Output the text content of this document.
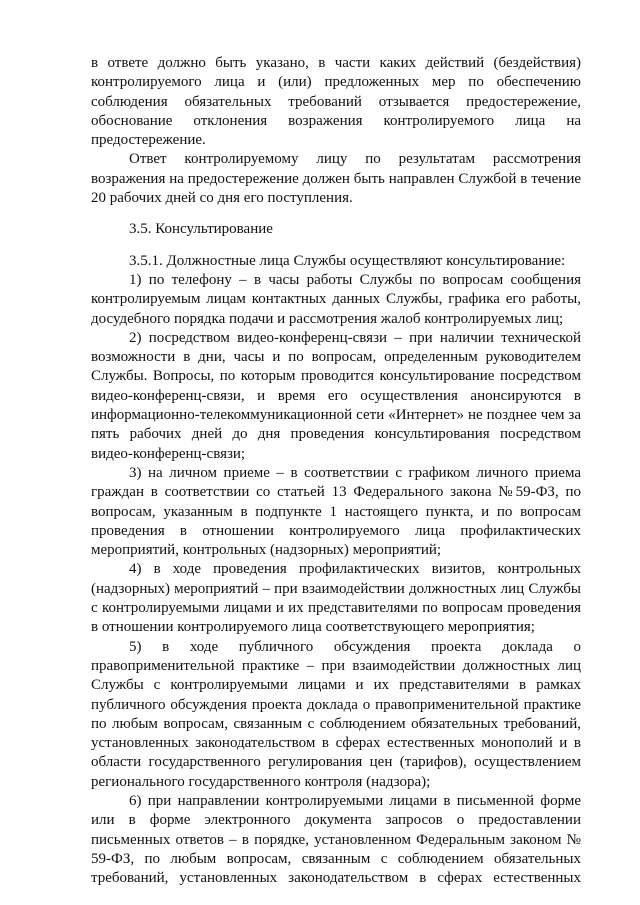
в ответе должно быть указано, в части каких действий (бездействия) контролируемого лица и (или) предложенных мер по обеспечению соблюдения обязательных требований отзывается предостережение, обоснование отклонения возражения контролируемого лица на предостережение.

Ответ контролируемому лицу по результатам рассмотрения возражения на предостережение должен быть направлен Службой в течение 20 рабочих дней со дня его поступления.

3.5. Консультирование

3.5.1. Должностные лица Службы осуществляют консультирование:

1) по телефону – в часы работы Службы по вопросам сообщения контролируемым лицам контактных данных Службы, графика его работы, досудебного порядка подачи и рассмотрения жалоб контролируемых лиц;

2) посредством видео-конференц-связи – при наличии технической возможности в дни, часы и по вопросам, определенным руководителем Службы. Вопросы, по которым проводится консультирование посредством видео-конференц-связи, и время его осуществления анонсируются в информационно-телекоммуникационной сети «Интернет» не позднее чем за пять рабочих дней до дня проведения консультирования посредством видео-конференц-связи;

3) на личном приеме – в соответствии с графиком личного приема граждан в соответствии со статьей 13 Федерального закона №59-ФЗ, по вопросам, указанным в подпункте 1 настоящего пункта, и по вопросам проведения в отношении контролируемого лица профилактических мероприятий, контрольных (надзорных) мероприятий;

4) в ходе проведения профилактических визитов, контрольных (надзорных) мероприятий – при взаимодействии должностных лиц Службы с контролируемыми лицами и их представителями по вопросам проведения в отношении контролируемого лица соответствующего мероприятия;

5) в ходе публичного обсуждения проекта доклада о правоприменительной практике – при взаимодействии должностных лиц Службы с контролируемыми лицами и их представителями в рамках публичного обсуждения проекта доклада о правоприменительной практике по любым вопросам, связанным с соблюдением обязательных требований, установленных законодательством в сферах естественных монополий и в области государственного регулирования цен (тарифов), осуществлением регионального государственного контроля (надзора);

6) при направлении контролируемыми лицами в письменной форме или в форме электронного документа запросов о предоставлении письменных ответов – в порядке, установленном Федеральным законом № 59-ФЗ, по любым вопросам, связанным с соблюдением обязательных требований, установленных законодательством в сферах естественных
